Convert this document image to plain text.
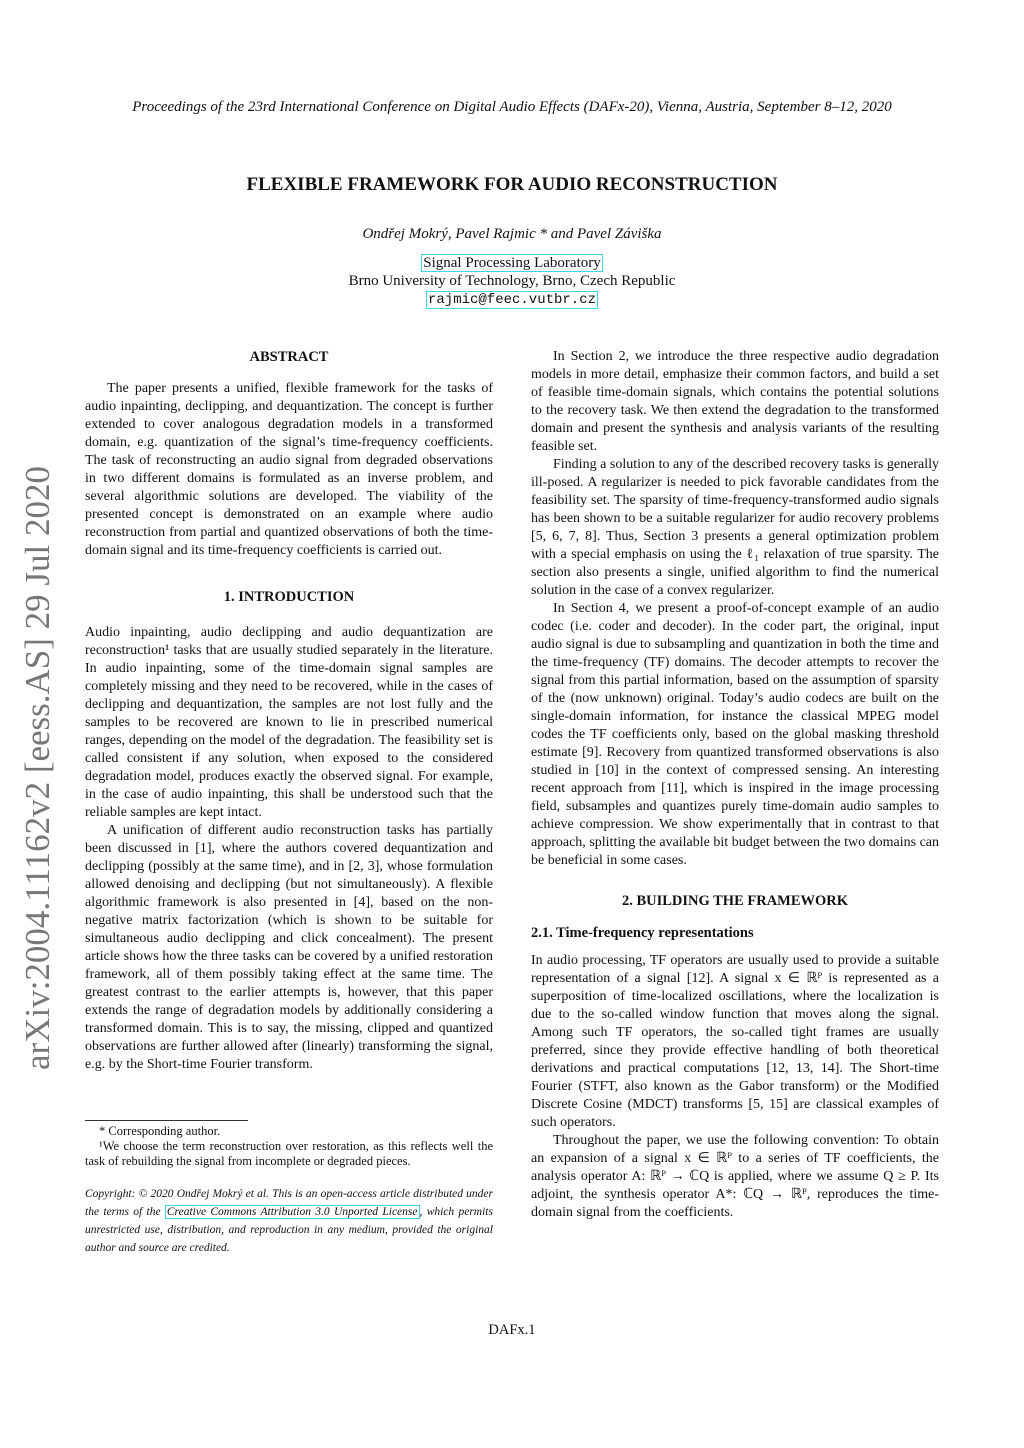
Proceedings of the 23rd International Conference on Digital Audio Effects (DAFx-20), Vienna, Austria, September 8–12, 2020
FLEXIBLE FRAMEWORK FOR AUDIO RECONSTRUCTION
Ondřej Mokrý, Pavel Rajmic * and Pavel Záviška
Signal Processing Laboratory
Brno University of Technology, Brno, Czech Republic
rajmic@feec.vutbr.cz
arXiv:2004.11162v2 [eess.AS] 29 Jul 2020
ABSTRACT

The paper presents a unified, flexible framework for the tasks of audio inpainting, declipping, and dequantization. The concept is further extended to cover analogous degradation models in a transformed domain, e.g. quantization of the signal’s time-frequency coefficients. The task of reconstructing an audio signal from degraded observations in two different domains is formulated as an inverse problem, and several algorithmic solutions are developed. The viability of the presented concept is demonstrated on an example where audio reconstruction from partial and quantized observations of both the time-domain signal and its time-frequency coefficients is carried out.

1. INTRODUCTION

Audio inpainting, audio declipping and audio dequantization are reconstruction¹ tasks that are usually studied separately in the literature. In audio inpainting, some of the time-domain signal samples are completely missing and they need to be recovered, while in the cases of declipping and dequantization, the samples are not lost fully and the samples to be recovered are known to lie in prescribed numerical ranges, depending on the model of the degradation. The feasibility set is called consistent if any solution, when exposed to the considered degradation model, produces exactly the observed signal. For example, in the case of audio inpainting, this shall be understood such that the reliable samples are kept intact.

A unification of different audio reconstruction tasks has partially been discussed in [1], where the authors covered dequantization and declipping (possibly at the same time), and in [2, 3], whose formulation allowed denoising and declipping (but not simultaneously). A flexible algorithmic framework is also presented in [4], based on the non-negative matrix factorization (which is shown to be suitable for simultaneous audio declipping and click concealment). The present article shows how the three tasks can be covered by a unified restoration framework, all of them possibly taking effect at the same time. The greatest contrast to the earlier attempts is, however, that this paper extends the range of degradation models by additionally considering a transformed domain. This is to say, the missing, clipped and quantized observations are further allowed after (linearly) transforming the signal, e.g. by the Short-time Fourier transform.

* Corresponding author.
¹We choose the term reconstruction over restoration, as this reflects well the task of rebuilding the signal from incomplete or degraded pieces.
Copyright: © 2020 Ondřej Mokrý et al. This is an open-access article distributed under the terms of the Creative Commons Attribution 3.0 Unported License , which permits unrestricted use, distribution, and reproduction in any medium, provided the original author and source are credited.

In Section 2, we introduce the three respective audio degradation models in more detail, emphasize their common factors, and build a set of feasible time-domain signals, which contains the potential solutions to the recovery task. We then extend the degradation to the transformed domain and present the synthesis and analysis variants of the resulting feasible set.

Finding a solution to any of the described recovery tasks is generally ill-posed. A regularizer is needed to pick favorable candidates from the feasibility set. The sparsity of time-frequency-transformed audio signals has been shown to be a suitable regularizer for audio recovery problems [5, 6, 7, 8]. Thus, Section 3 presents a general optimization problem with a special emphasis on using the ℓ₁ relaxation of true sparsity. The section also presents a single, unified algorithm to find the numerical solution in the case of a convex regularizer.

In Section 4, we present a proof-of-concept example of an audio codec (i.e. coder and decoder). In the coder part, the original, input audio signal is due to subsampling and quantization in both the time and the time-frequency (TF) domains. The decoder attempts to recover the signal from this partial information, based on the assumption of sparsity of the (now unknown) original. Today’s audio codecs are built on the single-domain information, for instance the classical MPEG model codes the TF coefficients only, based on the global masking threshold estimate [9]. Recovery from quantized transformed observations is also studied in [10] in the context of compressed sensing. An interesting recent approach from [11], which is inspired in the image processing field, subsamples and quantizes purely time-domain audio samples to achieve compression. We show experimentally that in contrast to that approach, splitting the available bit budget between the two domains can be beneficial in some cases.

2. BUILDING THE FRAMEWORK
2.1. Time-frequency representations

In audio processing, TF operators are usually used to provide a suitable representation of a signal [12]. A signal x ∈ ℝᴾ is represented as a superposition of time-localized oscillations, where the localization is due to the so-called window function that moves along the signal. Among such TF operators, the so-called tight frames are usually preferred, since they provide effective handling of both theoretical derivations and practical computations [12, 13, 14]. The Short-time Fourier (STFT, also known as the Gabor transform) or the Modified Discrete Cosine (MDCT) transforms [5, 15] are classical examples of such operators.

Throughout the paper, we use the following convention: To obtain an expansion of a signal x ∈ ℝᴾ to a series of TF coefficients, the analysis operator A: ℝᴾ → ℂQ is applied, where we assume Q ≥ P. Its adjoint, the synthesis operator A*: ℂQ → ℝᴾ, reproduces the time-domain signal from the coefficients.

DAFx.1
